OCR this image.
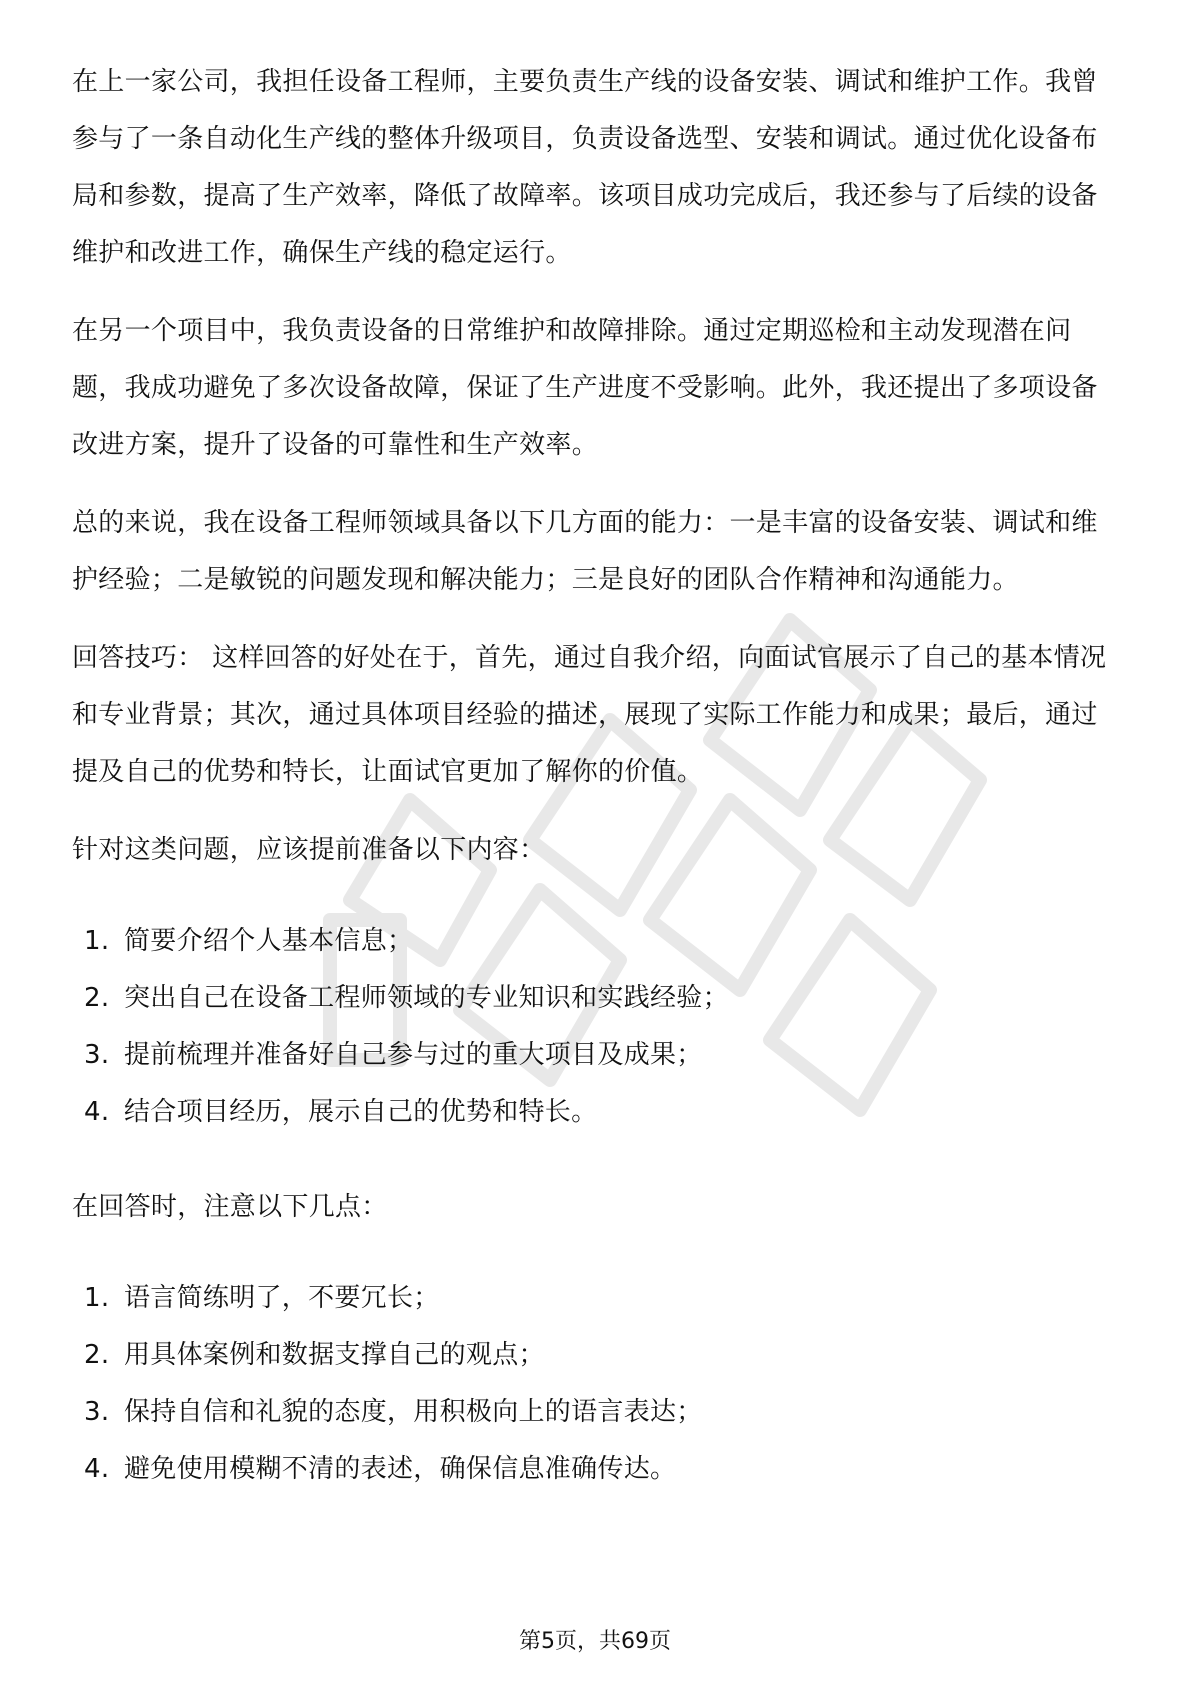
在上一家公司，我担任设备工程师，主要负责生产线的设备安装、调试和维护工作。我曾参与了一条自动化生产线的整体升级项目，负责设备选型、安装和调试。通过优化设备布局和参数，提高了生产效率，降低了故障率。该项目成功完成后，我还参与了后续的设备维护和改进工作，确保生产线的稳定运行。

在另一个项目中，我负责设备的日常维护和故障排除。通过定期巡检和主动发现潜在问题，我成功避免了多次设备故障，保证了生产进度不受影响。此外，我还提出了多项设备改进方案，提升了设备的可靠性和生产效率。

总的来说，我在设备工程师领域具备以下几方面的能力：一是丰富的设备安装、调试和维护经验；二是敏锐的问题发现和解决能力；三是良好的团队合作精神和沟通能力。

回答技巧： 这样回答的好处在于，首先，通过自我介绍，向面试官展示了自己的基本情况和专业背景；其次，通过具体项目经验的描述，展现了实际工作能力和成果；最后，通过提及自己的优势和特长，让面试官更加了解你的价值。

针对这类问题，应该提前准备以下内容：

1. 简要介绍个人基本信息；
2. 突出自己在设备工程师领域的专业知识和实践经验；
3. 提前梳理并准备好自己参与过的重大项目及成果；
4. 结合项目经历，展示自己的优势和特长。

在回答时，注意以下几点：

1. 语言简练明了，不要冗长；
2. 用具体案例和数据支撑自己的观点；
3. 保持自信和礼貌的态度，用积极向上的语言表达；
4. 避免使用模糊不清的表述，确保信息准确传达。
第5页，共69页
